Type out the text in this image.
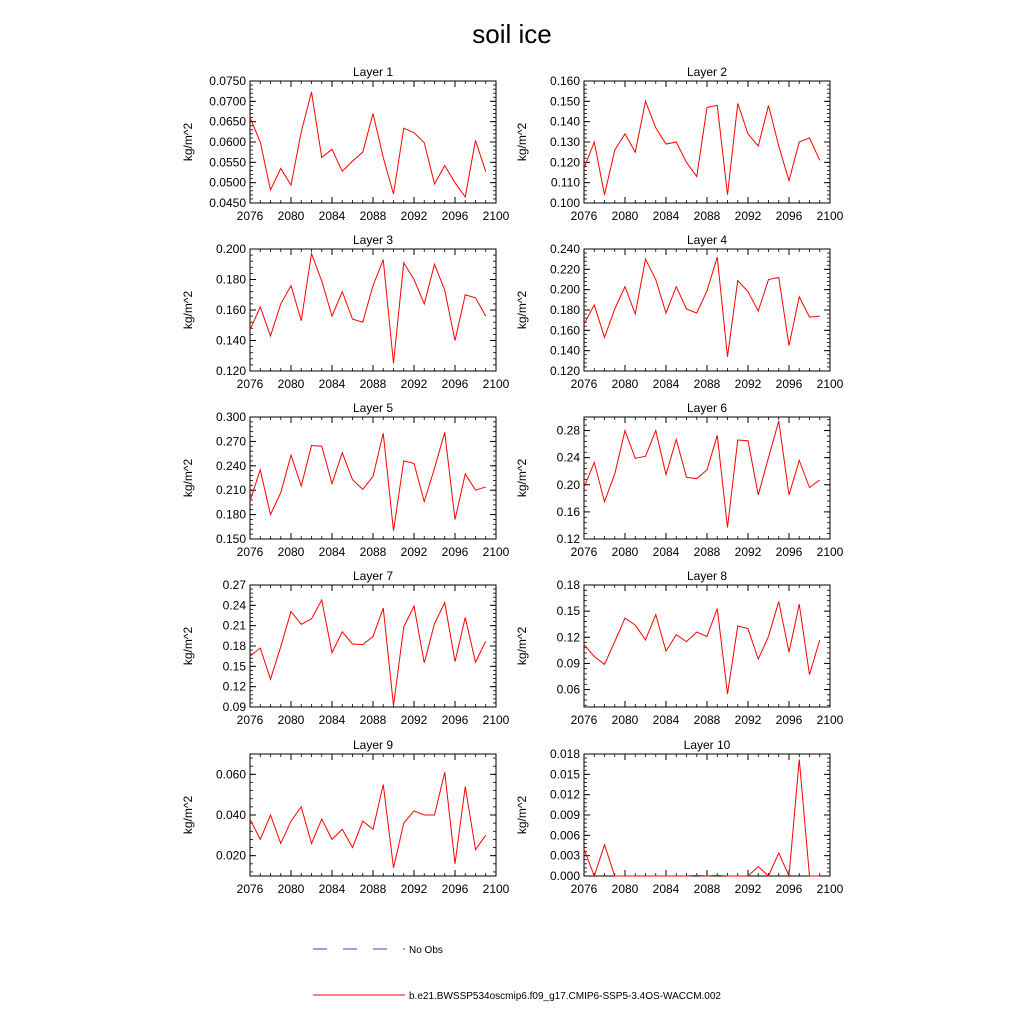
soil ice
Layer 1
2076 2080 2084 2088 2092 2096 2100
0.0450
0.0500
0.0550
0.0600
0.0650
0.0700
0.0750
kg/m^2
Layer 2
2076 2080 2084 2088 2092 2096 2100
0.100
0.110
0.120
0.130
0.140
0.150
0.160
kg/m^2
Layer 3
2076 2080 2084 2088 2092 2096 2100
0.120
0.140
0.160
0.180
0.200
kg/m^2
Layer 4
2076 2080 2084 2088 2092 2096 2100
0.120
0.140
0.160
0.180
0.200
0.220
0.240
kg/m^2
Layer 5
2076 2080 2084 2088 2092 2096 2100
0.150
0.180
0.210
0.240
0.270
0.300
kg/m^2
Layer 6
2076 2080 2084 2088 2092 2096 2100
0.12
0.16
0.20
0.24
0.28
kg/m^2
Layer 7
2076 2080 2084 2088 2092 2096 2100
0.09
0.12
0.15
0.18
0.21
0.24
0.27
kg/m^2
Layer 8
2076 2080 2084 2088 2092 2096 2100
0.06
0.09
0.12
0.15
0.18
kg/m^2
Layer 9
2076 2080 2084 2088 2092 2096 2100
0.020
0.040
0.060
kg/m^2
Layer 10
2076 2080 2084 2088 2092 2096 2100
0.000
0.003
0.006
0.009
0.012
0.015
0.018
kg/m^2
No Obs
b.e21.BWSSP534oscmip6.f09_g17.CMIP6-SSP5-3.4OS-WACCM.002
